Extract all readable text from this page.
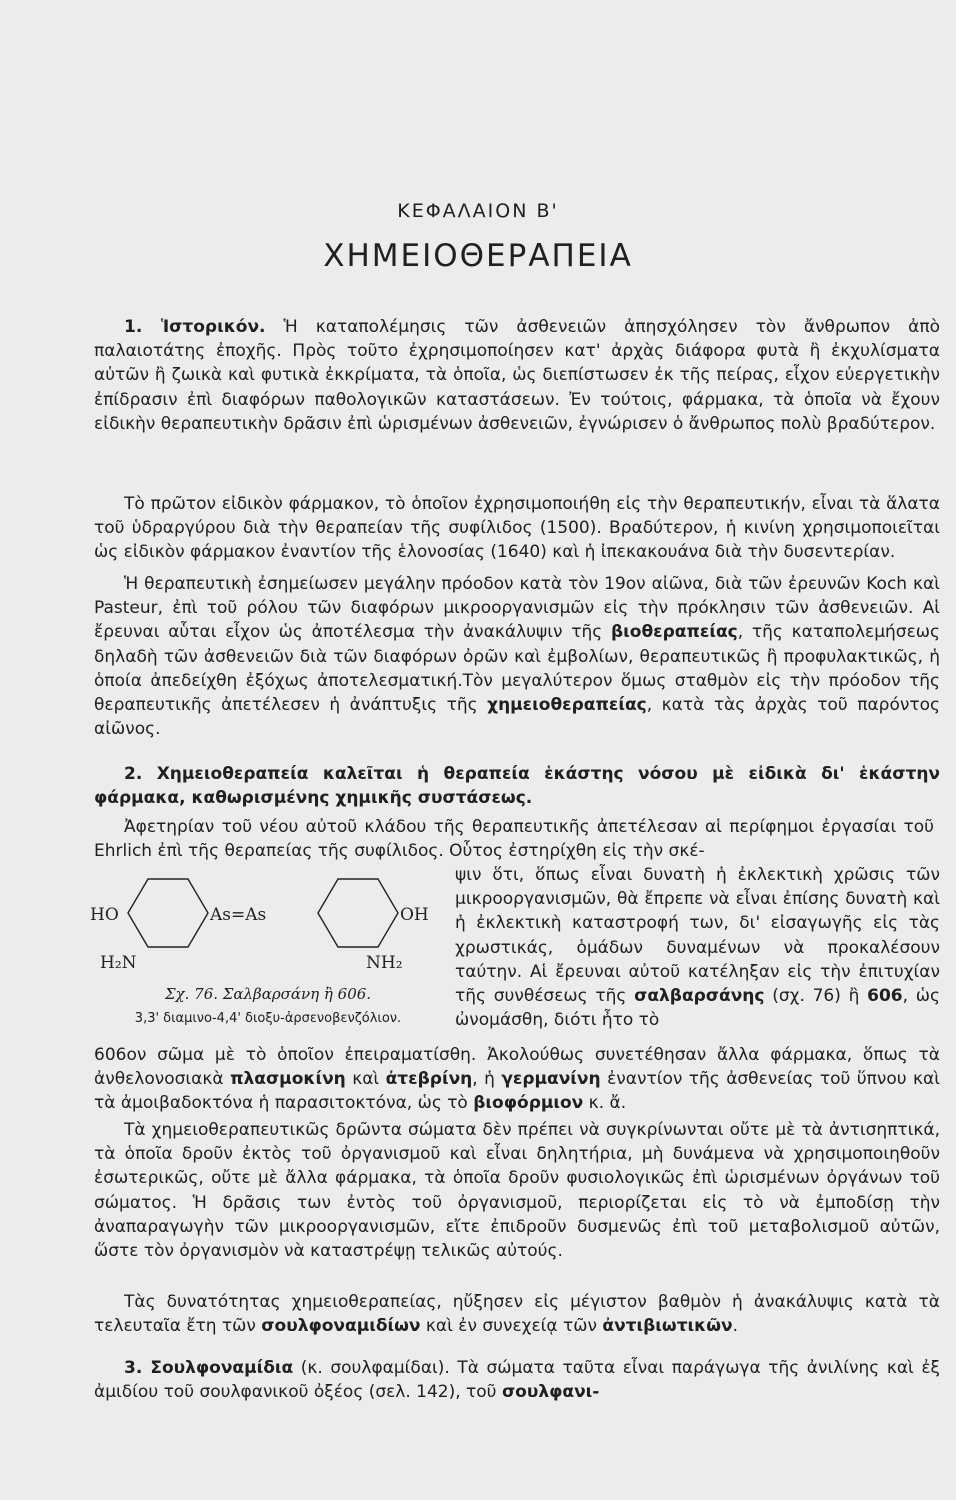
ΚΕΦΑΛΑΙΟΝ Β'
ΧΗΜΕΙΟΘΕΡΑΠΕΙΑ

1. Ἱστορικόν. Ἡ καταπολέμησις τῶν ἀσθενειῶν ἀπησχόλησεν τὸν ἄνθρωπον ἀπὸ παλαιοτάτης ἐποχῆς. Πρὸς τοῦτο ἐχρησιμοποίησεν κατ' ἀρχὰς διάφορα φυτὰ ἢ ἐκχυλίσματα αὐτῶν ἢ ζωικὰ καὶ φυτικὰ ἐκκρίματα, τὰ ὁποῖα, ὡς διεπίστωσεν ἐκ τῆς πείρας, εἶχον εὐεργετικὴν ἐπίδρασιν ἐπὶ διαφόρων παθολογικῶν καταστάσεων. Ἐν τούτοις, φάρμακα, τὰ ὁποῖα νὰ ἔχουν εἰδικὴν θεραπευτικὴν δρᾶσιν ἐπὶ ὡρισμένων ἀσθενειῶν, ἐγνώρισεν ὁ ἄνθρωπος πολὺ βραδύτερον.

Τὸ πρῶτον εἰδικὸν φάρμακον, τὸ ὁποῖον ἐχρησιμοποιήθη εἰς τὴν θεραπευτικήν, εἶναι τὰ ἅλατα τοῦ ὑδραργύρου διὰ τὴν θεραπείαν τῆς συφίλιδος (1500). Βραδύτερον, ἡ κινίνη χρησιμοποιεῖται ὡς εἰδικὸν φάρμακον ἐναντίον τῆς ἑλονοσίας (1640) καὶ ἡ ἰπεκακουάνα διὰ τὴν δυσεντερίαν.

Ἡ θεραπευτικὴ ἐσημείωσεν μεγάλην πρόοδον κατὰ τὸν 19ον αἰῶνα, διὰ τῶν ἐρευνῶν Koch καὶ Pasteur, ἐπὶ τοῦ ρόλου τῶν διαφόρων μικροοργανισμῶν εἰς τὴν πρόκλησιν τῶν ἀσθενειῶν. Αἱ ἔρευναι αὗται εἶχον ὡς ἀποτέλεσμα τὴν ἀνακάλυψιν τῆς βιοθεραπείας, τῆς καταπολεμήσεως δηλαδὴ τῶν ἀσθενειῶν διὰ τῶν διαφόρων ὀρῶν καὶ ἐμβολίων, θεραπευτικῶς ἢ προφυλακτικῶς, ἡ ὁποία ἀπεδείχθη ἐξόχως ἀποτελεσματική.Τὸν μεγαλύτερον ὅμως σταθμὸν εἰς τὴν πρόοδον τῆς θεραπευτικῆς ἀπετέλεσεν ἡ ἀνάπτυξις τῆς χημειοθεραπείας, κατὰ τὰς ἀρχὰς τοῦ παρόντος αἰῶνος.

2. Χημειοθεραπεία καλεῖται ἡ θεραπεία ἑκάστης νόσου μὲ εἰδικὰ δι' ἑκάστην φάρμακα, καθωρισμένης χημικῆς συστάσεως.

Ἀφετηρίαν τοῦ νέου αὐτοῦ κλάδου τῆς θεραπευτικῆς ἀπετέλεσαν αἱ περίφημοι ἐργασίαι τοῦ Ehrlich ἐπὶ τῆς θεραπείας τῆς συφίλιδος. Οὗτος ἐστηρίχθη εἰς τὴν σκέ-

HO	As=As	OH
H₂N	NH₂
Σχ. 76. Σαλβαρσάνη ἢ 606.
3,3' διαμινο-4,4' διοξυ-ἀρσενοβενζόλιον.

ψιν ὅτι, ὅπως εἶναι δυνατὴ ἡ ἐκλεκτικὴ χρῶσις τῶν μικροοργανισμῶν, θὰ ἔπρεπε νὰ εἶναι ἐπίσης δυνατὴ καὶ ἡ ἐκλεκτικὴ καταστροφή των, δι' εἰσαγωγῆς εἰς τὰς χρωστικάς, ὁμάδων δυναμένων νὰ προκαλέσουν ταύτην. Αἱ ἔρευναι αὐτοῦ κατέληξαν εἰς τὴν ἐπιτυχίαν τῆς συνθέσεως τῆς σαλβαρσάνης (σχ. 76) ἢ 606, ὡς ὠνομάσθη, διότι ἦτο τὸ

606ον σῶμα μὲ τὸ ὁποῖον ἐπειραματίσθη. Ἀκολούθως συνετέθησαν ἄλλα φάρμακα, ὅπως τὰ ἀνθελονοσιακὰ πλασμοκίνη καὶ ἀτεβρίνη, ἡ γερμανίνη ἐναντίον τῆς ἀσθενείας τοῦ ὕπνου καὶ τὰ ἀμοιβαδοκτόνα ἡ παρασιτοκτόνα, ὡς τὸ βιοφόρμιον κ. ἄ.

Τὰ χημειοθεραπευτικῶς δρῶντα σώματα δὲν πρέπει νὰ συγκρίνωνται οὔτε μὲ τὰ ἀντισηπτικά, τὰ ὁποῖα δροῦν ἐκτὸς τοῦ ὀργανισμοῦ καὶ εἶναι δηλητήρια, μὴ δυνάμενα νὰ χρησιμοποιηθοῦν ἐσωτερικῶς, οὔτε μὲ ἄλλα φάρμακα, τὰ ὁποῖα δροῦν φυσιολογικῶς ἐπὶ ὡρισμένων ὀργάνων τοῦ σώματος. Ἡ δρᾶσις των ἐντὸς τοῦ ὀργανισμοῦ, περιορίζεται εἰς τὸ νὰ ἐμποδίσῃ τὴν ἀναπαραγωγὴν τῶν μικροοργανισμῶν, εἴτε ἐπιδροῦν δυσμενῶς ἐπὶ τοῦ μεταβολισμοῦ αὐτῶν, ὥστε τὸν ὀργανισμὸν νὰ καταστρέψῃ τελικῶς αὐτούς.

Τὰς δυνατότητας χημειοθεραπείας, ηὔξησεν εἰς μέγιστον βαθμὸν ἡ ἀνακάλυψις κατὰ τὰ τελευταῖα ἔτη τῶν σουλφοναμιδίων καὶ ἐν συνεχείᾳ τῶν ἀντιβιωτικῶν.

3. Σουλφοναμίδια (κ. σουλφαμίδαι). Τὰ σώματα ταῦτα εἶναι παράγωγα τῆς ἀνιλίνης καὶ ἐξ ἀμιδίου τοῦ σουλφανικοῦ ὀξέος (σελ. 142), τοῦ σουλφανι-
